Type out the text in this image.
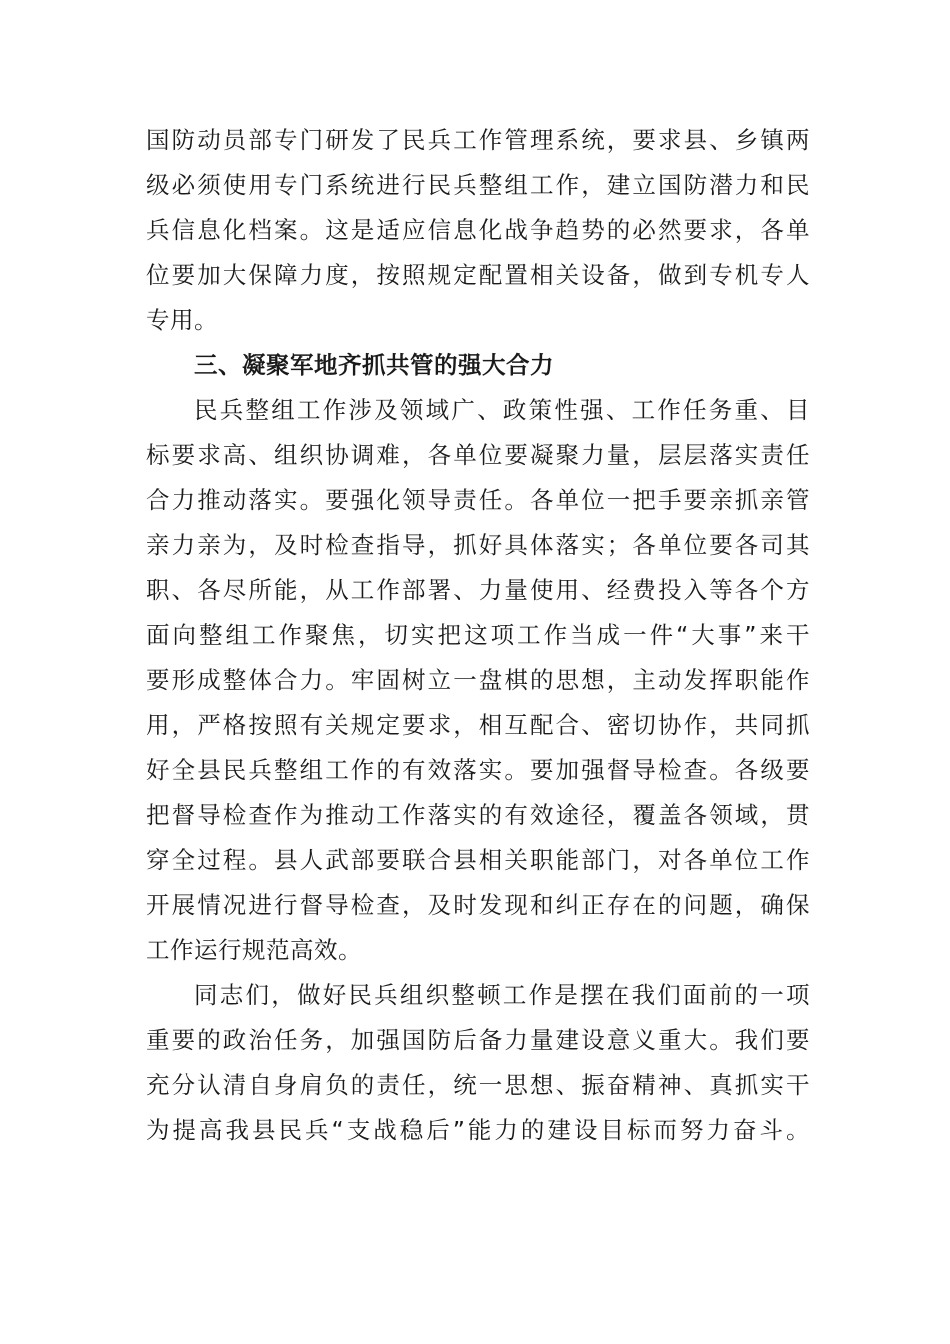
国防动员部专门研发了民兵工作管理系统，要求县、乡镇两
级必须使用专门系统进行民兵整组工作，建立国防潜力和民
兵信息化档案。这是适应信息化战争趋势的必然要求，各单
位要加大保障力度，按照规定配置相关设备，做到专机专人
专用。
三、凝聚军地齐抓共管的强大合力
民兵整组工作涉及领域广、政策性强、工作任务重、目
标要求高、组织协调难，各单位要凝聚力量，层层落实责任
合力推动落实。要强化领导责任。各单位一把手要亲抓亲管
亲力亲为，及时检查指导，抓好具体落实；各单位要各司其
职、各尽所能，从工作部署、力量使用、经费投入等各个方
面向整组工作聚焦，切实把这项工作当成一件“大事”来干
要形成整体合力。牢固树立一盘棋的思想，主动发挥职能作
用，严格按照有关规定要求，相互配合、密切协作，共同抓
好全县民兵整组工作的有效落实。要加强督导检查。各级要
把督导检查作为推动工作落实的有效途径，覆盖各领域，贯
穿全过程。县人武部要联合县相关职能部门，对各单位工作
开展情况进行督导检查，及时发现和纠正存在的问题，确保
工作运行规范高效。
同志们，做好民兵组织整顿工作是摆在我们面前的一项
重要的政治任务，加强国防后备力量建设意义重大。我们要
充分认清自身肩负的责任，统一思想、振奋精神、真抓实干
为提高我县民兵“支战稳后”能力的建设目标而努力奋斗。
